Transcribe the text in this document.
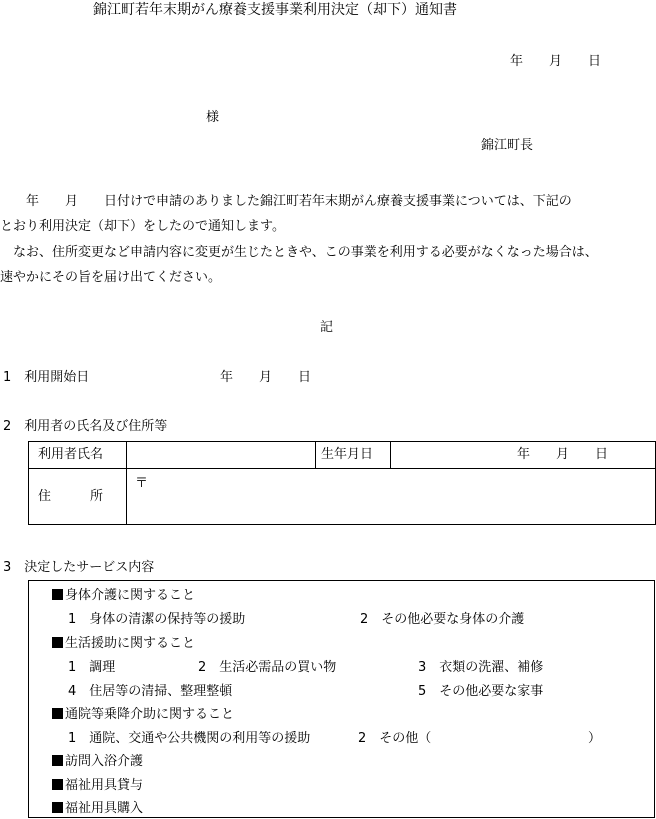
錦江町若年末期がん療養支援事業利用決定（却下）通知書
年　　月　　日
様
錦江町長
　　年　　月　　日付けで申請のありました錦江町若年末期がん療養支援事業については、下記の
とおり利用決定（却下）をしたので通知します。
　なお、住所変更など申請内容に変更が生じたときや、この事業を利用する必要がなくなった場合は、
速やかにその旨を届け出てください。
記
1　利用開始日	年　　月　　日
2　利用者の氏名及び住所等
利用者氏名	生年月日	年　　月　　日
住　　　所
〒
3　決定したサービス内容
身体介護に関すること
1　身体の清潔の保持等の援助	2　その他必要な身体の介護
生活援助に関すること
1　調理	2　生活必需品の買い物	3　衣類の洗濯、補修
4　住居等の清掃、整理整頓	5　その他必要な家事
通院等乗降介助に関すること
1　通院、交通や公共機関の利用等の援助	2　その他（	）
訪問入浴介護
福祉用具貸与
福祉用具購入
